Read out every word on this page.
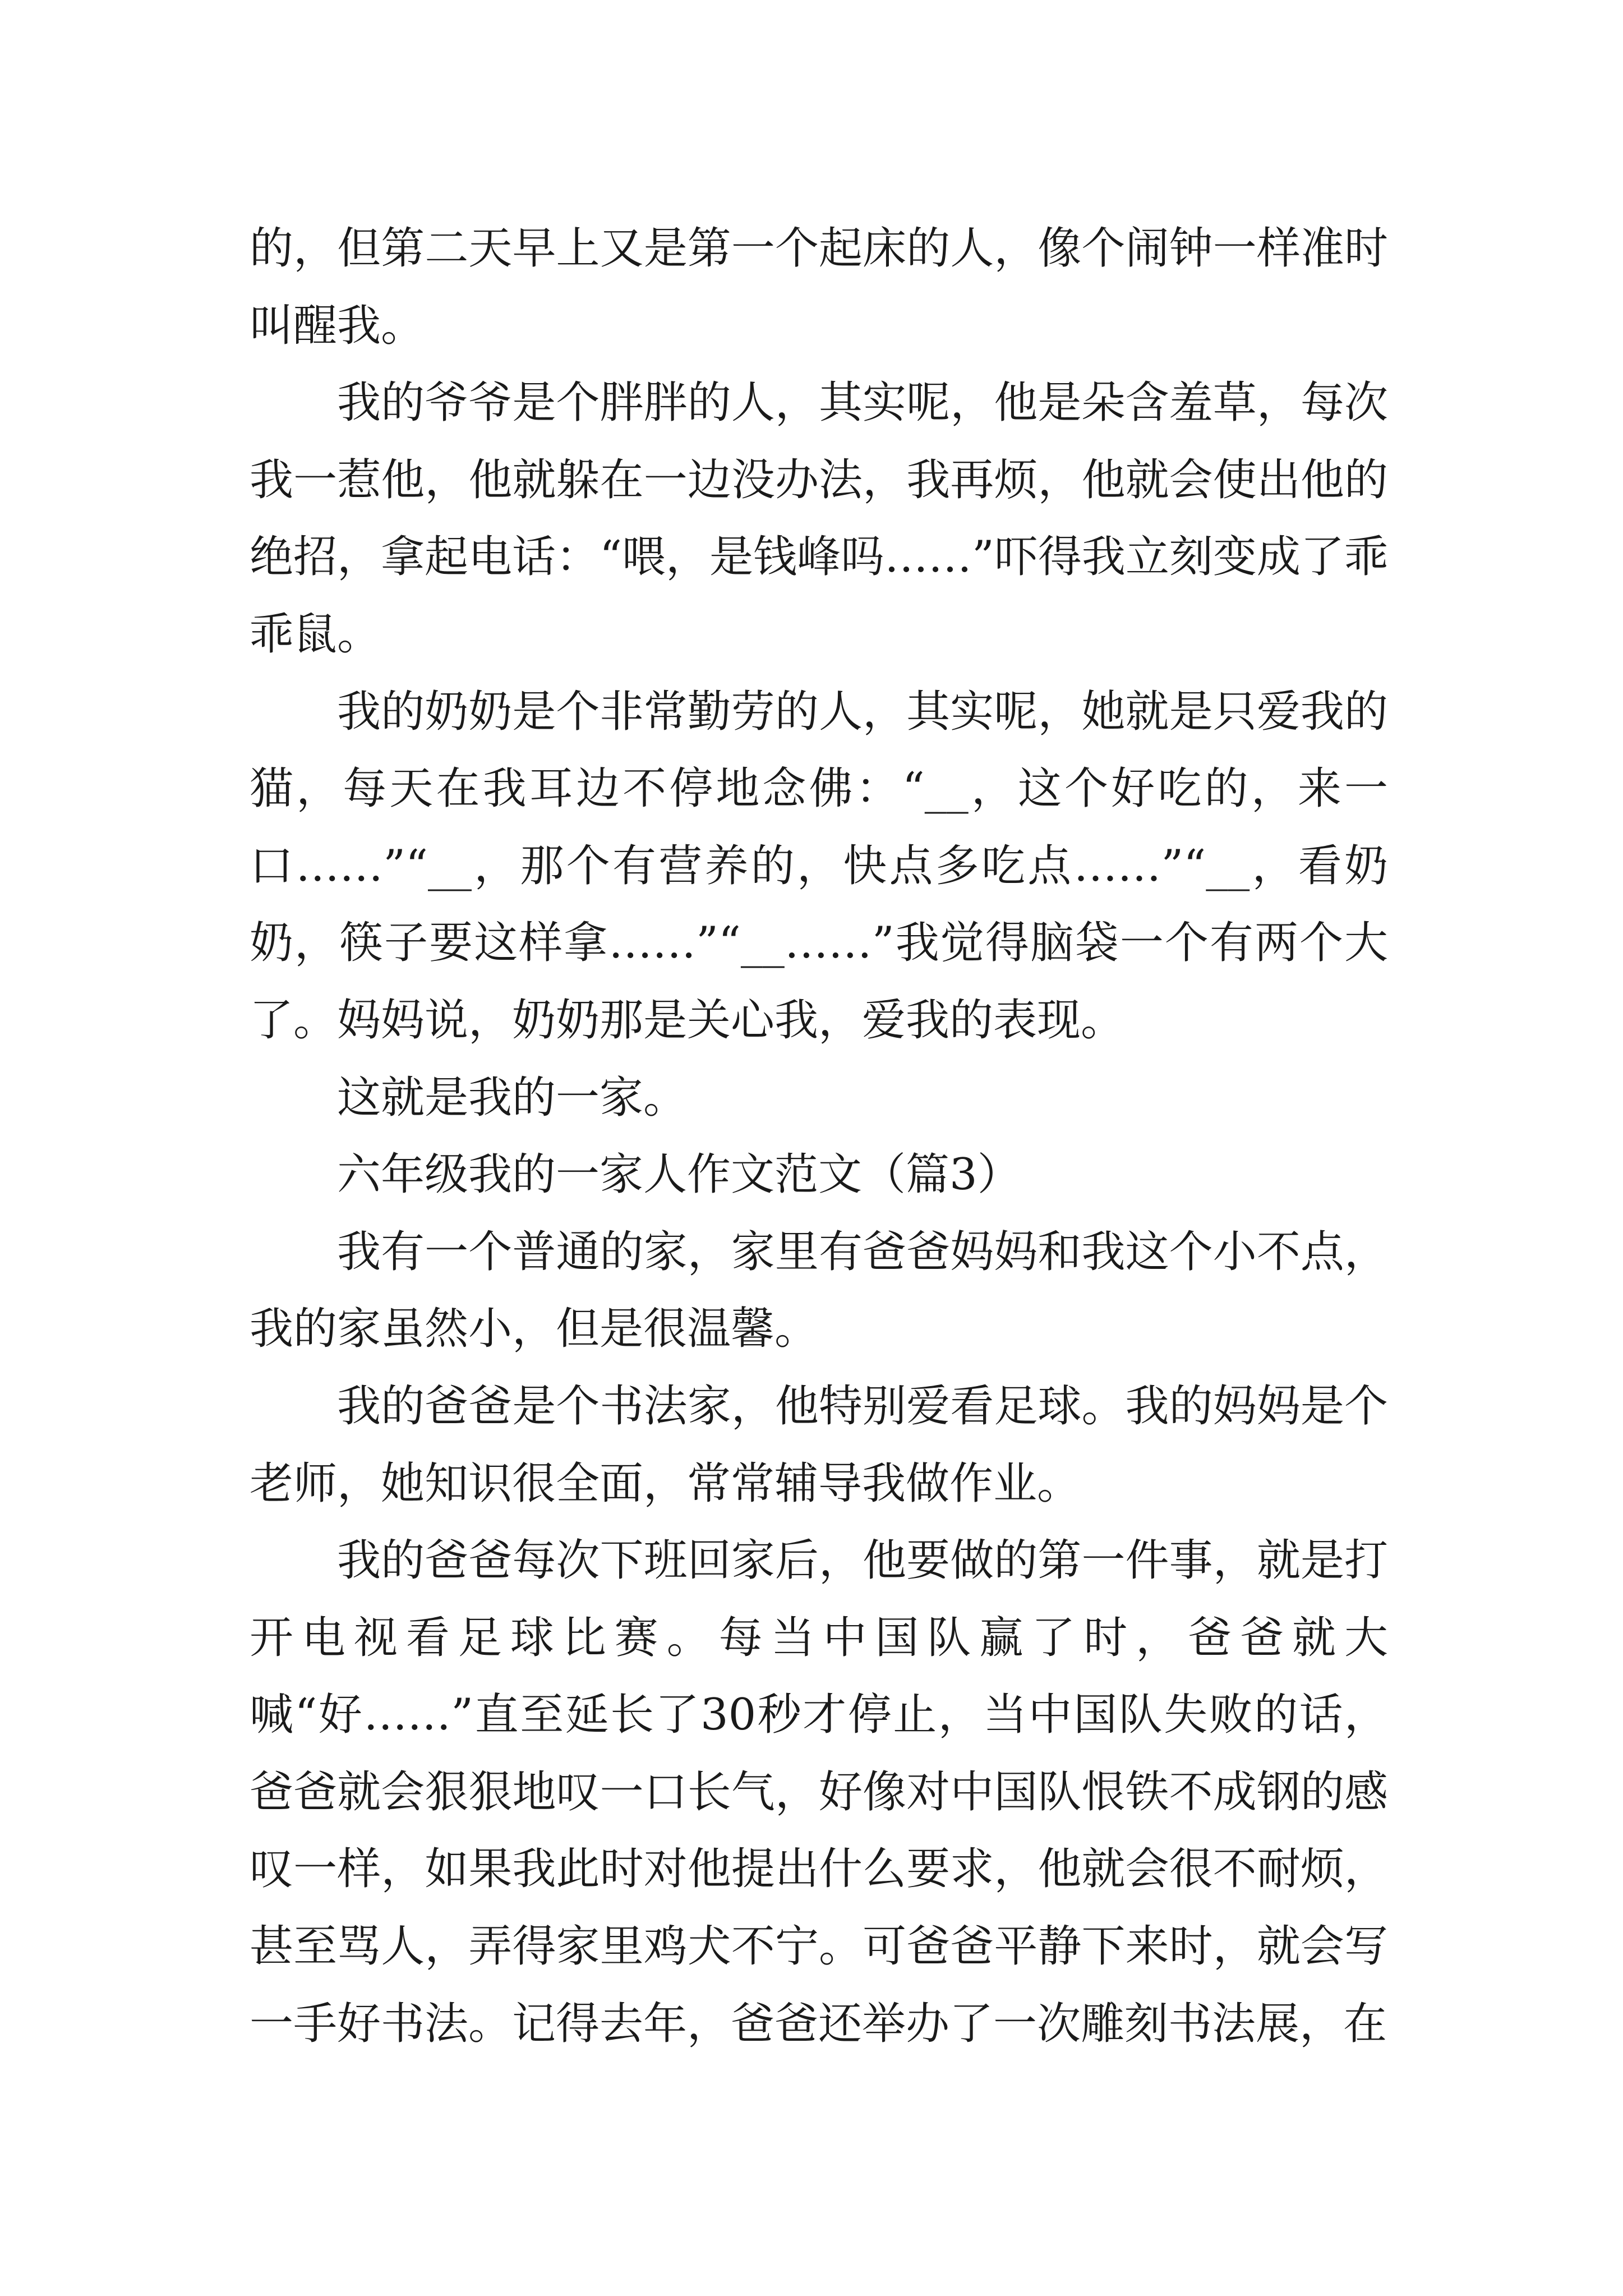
的，但第二天早上又是第一个起床的人，像个闹钟一样准时叫醒我。

我的爷爷是个胖胖的人，其实呢，他是朵含羞草，每次我一惹他，他就躲在一边没办法，我再烦，他就会使出他的绝招，拿起电话：“喂，是钱峰吗……”吓得我立刻变成了乖乖鼠。

我的奶奶是个非常勤劳的人，其实呢，她就是只爱我的猫，每天在我耳边不停地念佛：“__，这个好吃的，来一口……”“__，那个有营养的，快点多吃点……”“__，看奶奶，筷子要这样拿……”“__……”我觉得脑袋一个有两个大了。妈妈说，奶奶那是关心我，爱我的表现。

这就是我的一家。

六年级我的一家人作文范文（篇3）

我有一个普通的家，家里有爸爸妈妈和我这个小不点，我的家虽然小，但是很温馨。

我的爸爸是个书法家，他特别爱看足球。我的妈妈是个老师，她知识很全面，常常辅导我做作业。

我的爸爸每次下班回家后，他要做的第一件事，就是打开电视看足球比赛。每当中国队赢了时，爸爸就大喊“好……”直至延长了30秒才停止，当中国队失败的话，爸爸就会狠狠地叹一口长气，好像对中国队恨铁不成钢的感叹一样，如果我此时对他提出什么要求，他就会很不耐烦，甚至骂人，弄得家里鸡犬不宁。可爸爸平静下来时，就会写一手好书法。记得去年，爸爸还举办了一次雕刻书法展，在
